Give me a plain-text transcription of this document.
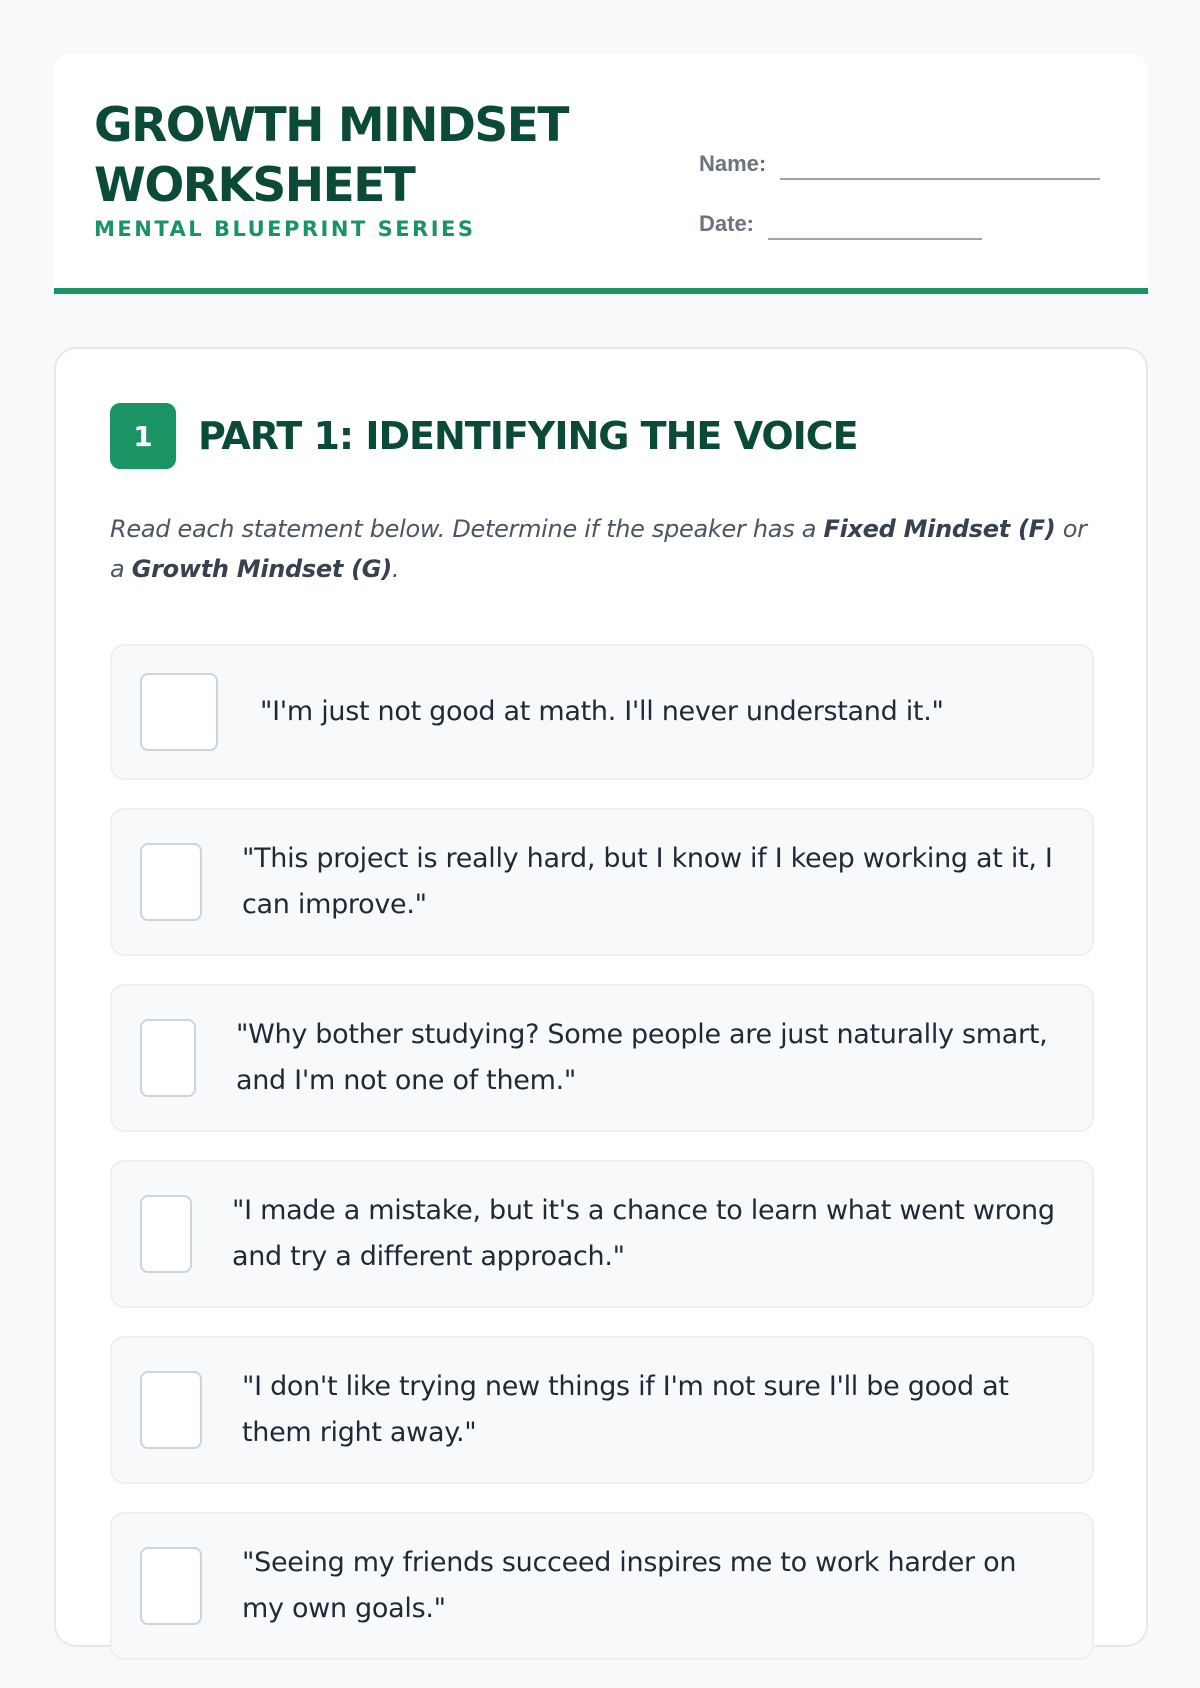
GROWTH MINDSET WORKSHEET
MENTAL BLUEPRINT SERIES
Name:
Date:
1	PART 1: IDENTIFYING THE VOICE

Read each statement below. Determine if the speaker has a Fixed Mindset (F) or a Growth Mindset (G).

"I'm just not good at math. I'll never understand it."
"This project is really hard, but I know if I keep working at it, I can improve."
"Why bother studying? Some people are just naturally smart, and I'm not one of them."
"I made a mistake, but it's a chance to learn what went wrong and try a different approach."
"I don't like trying new things if I'm not sure I'll be good at them right away."
"Seeing my friends succeed inspires me to work harder on my own goals."
